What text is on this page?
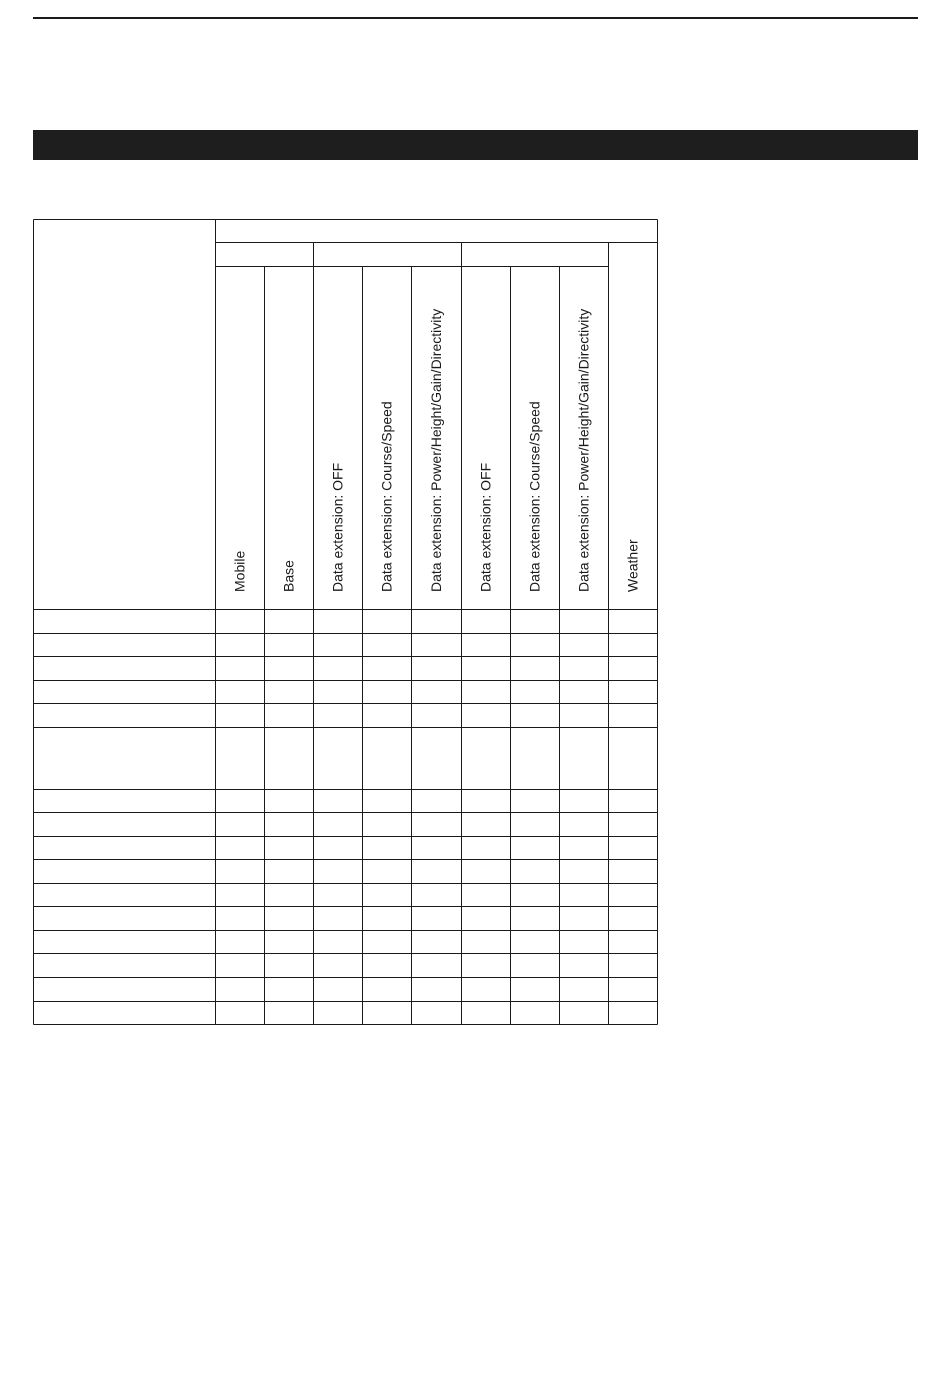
Mobile Base Data extension: OFF Data extension: Course/Speed Data extension: Power/Height/Gain/Directivity Data extension: OFF Data extension: Course/Speed Data extension: Power/Height/Gain/Directivity Weather
